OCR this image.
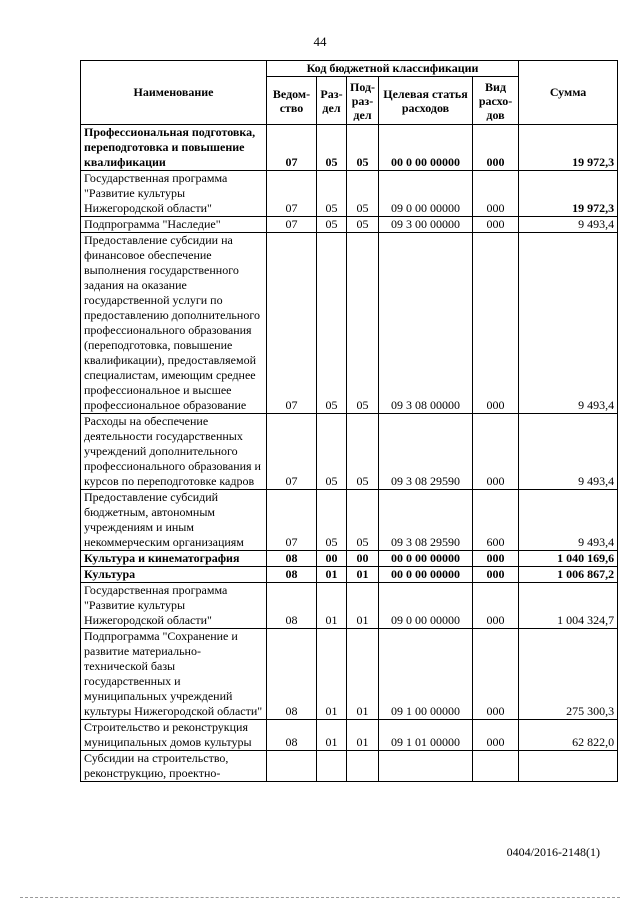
44
Наименование	Код бюджетной классификации					Сумма
	Ведом-ство	Раз-дел	Под-раз-дел	Целевая статья расходов	Вид расхо-дов	
Профессиональная подготовка, переподготовка и повышение квалификации	07	05	05	00 0 00 00000	000	19 972,3
Государственная программа "Развитие культуры Нижегородской области"	07	05	05	09 0 00 00000	000	19 972,3
Подпрограмма "Наследие"	07	05	05	09 3 00 00000	000	9 493,4
Предоставление субсидии на финансовое обеспечение выполнения государственного задания на оказание государственной услуги по предоставлению дополнительного профессионального образования (переподготовка, повышение квалификации), предоставляемой специалистам, имеющим среднее профессиональное и высшее профессиональное образование	07	05	05	09 3 08 00000	000	9 493,4
Расходы на обеспечение деятельности государственных учреждений дополнительного профессионального образования и курсов по переподготовке кадров	07	05	05	09 3 08 29590	000	9 493,4
Предоставление субсидий бюджетным, автономным учреждениям и иным некоммерческим организациям	07	05	05	09 3 08 29590	600	9 493,4
Культура и кинематография	08	00	00	00 0 00 00000	000	1 040 169,6
Культура	08	01	01	00 0 00 00000	000	1 006 867,2
Государственная программа "Развитие культуры Нижегородской области"	08	01	01	09 0 00 00000	000	1 004 324,7
Подпрограмма "Сохранение и развитие материально-технической базы государственных и муниципальных учреждений культуры Нижегородской области"	08	01	01	09 1 00 00000	000	275 300,3
Строительство и реконструкция муниципальных домов культуры	08	01	01	09 1 01 00000	000	62 822,0
Субсидии на строительство, реконструкцию, проектно-						
0404/2016-2148(1)
